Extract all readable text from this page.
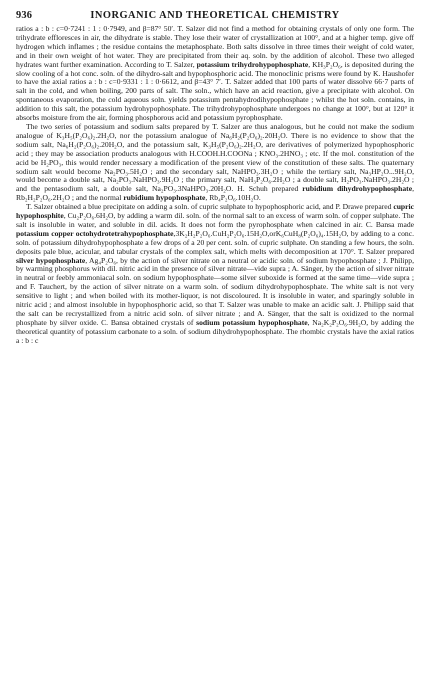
936	INORGANIC AND THEORETICAL CHEMISTRY

ratios a : b : c=0·7241 : 1 : 0·7949, and β=87° 50′. T. Salzer did not find a method for obtaining crystals of only one form. The trihydrate effloresces in air, the dihydrate is stable. They lose their water of crystallization at 100°, and at a higher temp. give off hydrogen which inflames ; the residue contains the metaphosphate. Both salts dissolve in three times their weight of cold water, and in their own weight of hot water. They are precipitated from their aq. soln. by the addition of alcohol. These two alleged hydrates want further examination. According to T. Salzer, potassium trihydrohypophosphate, KH₃P₂O₆, is deposited during the slow cooling of a hot conc. soln. of the dihydro-salt and hypophosphoric acid. The monoclinic prisms were found by K. Haushofer to have the axial ratios a : b : c=0·9331 : 1 : 0·6612, and β=43° 7′. T. Salzer added that 100 parts of water dissolve 66·7 parts of salt in the cold, and when boiling, 200 parts of salt. The soln., which have an acid reaction, give a precipitate with alcohol. On spontaneous evaporation, the cold aqueous soln. yields potassium pentahydrodihypophosphate ; whilst the hot soln. contains, in addition to this salt, the potassium hydrohypophosphate. The trihydrohypophosphate undergoes no change at 100°, but at 120° it absorbs moisture from the air, forming phosphorous acid and potassium pyrophosphate.

The two series of potassium and sodium salts prepared by T. Salzer are thus analogous, but he could not make the sodium analogue of K₃H₅(P₂O₆)₂.2H₂O, nor the potassium analogue of Na₆H₂(P₂O₆)₂.20H₂O. There is no evidence to show that the sodium salt, Na₆H₂(P₂O₆)₂.20H₂O, and the potassium salt, K₃H₅(P₂O₆)₂.2H₂O, are derivatives of polymerized hypophosphoric acid ; they may be association products analogous with H.COOH.H.COONa ; KNO₃.2HNO₃ ; etc. If the mol. constitution of the acid be H₂PO₃, this would render necessary a modification of the present view of the constitution of these salts. The quaternary sodium salt would become Na₂PO₃.5H₂O ; and the secondary salt, NaHPO₃.3H₂O ; while the tertiary salt, Na₃HP₂O...9H₂O, would become a double salt, Na₂PO₃.NaHPO₃.9H₂O ; the primary salt, NaH₃P₂O₆.2H₂O ; a double salt, H₂PO₃.NaHPO₃.2H₂O ; and the pentasodium salt, a double salt, Na₂PO₃.3NaHPO₃.20H₂O. H. Schuh prepared rubidium dihydrohypophosphate, Rb₂H₂P₂O₆.2H₂O ; and the normal rubidium hypophosphate, Rb₄P₂O₆.10H₂O.

T. Salzer obtained a blue precipitate on adding a soln. of cupric sulphate to hypophosphoric acid, and P. Drawe prepared cupric hypophosphite, Cu₂P₂O₆.6H₂O, by adding a warm dil. soln. of the normal salt to an excess of warm soln. of copper sulphate. The salt is insoluble in water, and soluble in dil. acids. It does not form the pyrophosphate when calcined in air. C. Bansa made potassium copper octohydrotetrahypophosphate,3K₂H₂P₂O₆.CuH₂P₂O₆.15H₂O,orK₆CuH₈(P₂O₆)₄.15H₂O, by adding to a conc. soln. of potassium dihydrohypophosphate a few drops of a 20 per cent. soln. of cupric sulphate. On standing a few hours, the soln. deposits pale blue, acicular, and tabular crystals of the complex salt, which melts with decomposition at 170°. T. Salzer prepared silver hypophosphate, Ag₄P₂O₆, by the action of silver nitrate on a neutral or acidic soln. of sodium hypophosphate ; J. Philipp, by warming phosphorus with dil. nitric acid in the presence of silver nitrate—vide supra ; A. Sänger, by the action of silver nitrate in neutral or feebly ammoniacal soln. on sodium hypophosphate—some silver suboxide is formed at the same time—vide supra ; and F. Tauchert, by the action of silver nitrate on a warm soln. of sodium dihydrohypophosphate. The white salt is not very sensitive to light ; and when boiled with its mother-liquor, is not discoloured. It is insoluble in water, and sparingly soluble in nitric acid ; and almost insoluble in hypophosphoric acid, so that T. Salzer was unable to make an acidic salt. J. Philipp said that the salt can be recrystallized from a nitric acid soln. of silver nitrate ; and A. Sänger, that the salt is oxidized to the normal phosphate by silver oxide. C. Bansa obtained crystals of sodium potassium hypophosphate, Na₂K₂P₂O₆.9H₂O, by adding the theoretical quantity of potassium carbonate to a soln. of sodium dihydrohypophosphate. The rhombic crystals have the axial ratios a : b : c
